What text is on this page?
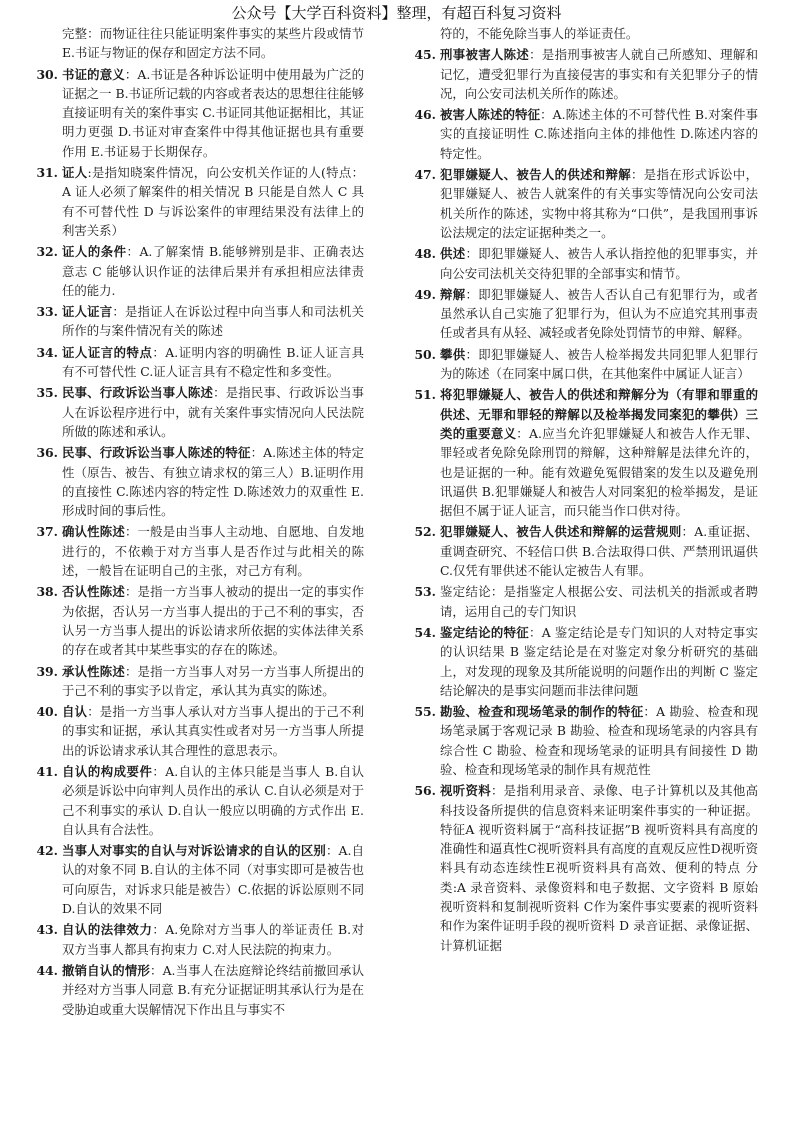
公众号【大学百科资料】整理，有超百科复习资料
完整：而物证往往只能证明案件事实的某些片段或情节 E.书证与物证的保存和固定方法不同。
30. 书证的意义：A.书证是各种诉讼证明中使用最为广泛的证据之一 B.书证所记载的内容或者表达的思想往往能够直接证明有关的案件事实 C.书证同其他证据相比，其证明力更强 D.书证对审查案件中得其他证据也具有重要作用 E.书证易于长期保存。
31. 证人:是指知晓案件情况，向公安机关作证的人(特点：A 证人必须了解案件的相关情况 B 只能是自然人 C 具有不可替代性 D 与诉讼案件的审理结果没有法律上的利害关系）
32. 证人的条件：A.了解案情 B.能够辨别是非、正确表达意志 C 能够认识作证的法律后果并有承担相应法律责任的能力.
33. 证人证言：是指证人在诉讼过程中向当事人和司法机关所作的与案件情况有关的陈述
34. 证人证言的特点：A.证明内容的明确性 B.证人证言具有不可替代性 C.证人证言具有不稳定性和多变性。
35. 民事、行政诉讼当事人陈述：是指民事、行政诉讼当事人在诉讼程序进行中，就有关案件事实情况向人民法院所做的陈述和承认。
36. 民事、行政诉讼当事人陈述的特征：A.陈述主体的特定性（原告、被告、有独立请求权的第三人）B.证明作用的直接性 C.陈述内容的特定性 D.陈述效力的双重性 E.形成时间的事后性。
37. 确认性陈述：一般是由当事人主动地、自愿地、自发地进行的，不依赖于对方当事人是否作过与此相关的陈述，一般旨在证明自己的主张，对己方有利。
38. 否认性陈述：是指一方当事人被动的提出一定的事实作为依据，否认另一方当事人提出的于己不利的事实，否认另一方当事人提出的诉讼请求所依据的实体法律关系的存在或者其中某些事实的存在的陈述。
39. 承认性陈述：是指一方当事人对另一方当事人所提出的于己不利的事实予以肯定，承认其为真实的陈述。
40. 自认：是指一方当事人承认对方当事人提出的于己不利的事实和证据，承认其真实性或者对另一方当事人所提出的诉讼请求承认其合理性的意思表示。
41. 自认的构成要件：A.自认的主体只能是当事人 B.自认必须是诉讼中向审判人员作出的承认 C.自认必须是对于己不利事实的承认 D.自认一般应以明确的方式作出 E.自认具有合法性。
42. 当事人对事实的自认与对诉讼请求的自认的区别：A.自认的对象不同 B.自认的主体不同（对事实即可是被告也可向原告，对诉求只能是被告）C.依据的诉讼原则不同 D.自认的效果不同
43. 自认的法律效力：A.免除对方当事人的举证责任 B.对双方当事人都具有拘束力 C.对人民法院的拘束力。
44. 撤销自认的情形：A.当事人在法庭辩论终结前撤回承认并经对方当事人同意 B.有充分证据证明其承认行为是在受胁迫或重大误解情况下作出且与事实不
符的，不能免除当事人的举证责任。
45. 刑事被害人陈述：是指刑事被害人就自己所感知、理解和记忆，遭受犯罪行为直接侵害的事实和有关犯罪分子的情况，向公安司法机关所作的陈述。
46. 被害人陈述的特征：A.陈述主体的不可替代性 B.对案件事实的直接证明性 C.陈述指向主体的排他性 D.陈述内容的特定性。
47. 犯罪嫌疑人、被告人的供述和辩解：是指在形式诉讼中，犯罪嫌疑人、被告人就案件的有关事实等情况向公安司法机关所作的陈述，实物中将其称为“口供”，是我国刑事诉讼法规定的法定证据种类之一。
48. 供述：即犯罪嫌疑人、被告人承认指控他的犯罪事实，并向公安司法机关交待犯罪的全部事实和情节。
49. 辩解：即犯罪嫌疑人、被告人否认自己有犯罪行为，或者虽然承认自己实施了犯罪行为，但认为不应追究其刑事责任或者具有从轻、减轻或者免除处罚情节的申辩、解释。
50. 攀供：即犯罪嫌疑人、被告人检举揭发共同犯罪人犯罪行为的陈述（在同案中属口供，在其他案件中属证人证言）
51. 将犯罪嫌疑人、被告人的供述和辩解分为（有罪和罪重的供述、无罪和罪轻的辩解以及检举揭发同案犯的攀供）三类的重要意义：A.应当允许犯罪嫌疑人和被告人作无罪、罪轻或者免除免除刑罚的辩解，这种辩解是法律允许的，也是证据的一种。能有效避免冤假错案的发生以及避免刑讯逼供 B.犯罪嫌疑人和被告人对同案犯的检举揭发，是证据但不属于证人证言，而只能当作口供对待。
52. 犯罪嫌疑人、被告人供述和辩解的运营规则：A.重证据、重调查研究、不轻信口供 B.合法取得口供、严禁刑讯逼供 C.仅凭有罪供述不能认定被告人有罪。
53. 鉴定结论：是指鉴定人根据公安、司法机关的指派或者聘请，运用自己的专门知识
54. 鉴定结论的特征：A 鉴定结论是专门知识的人对特定事实的认识结果 B 鉴定结论是在对鉴定对象分析研究的基础上，对发现的现象及其所能说明的问题作出的判断 C 鉴定结论解决的是事实问题而非法律问题
55. 勘验、检查和现场笔录的制作的特征：A 勘验、检查和现场笔录属于客观记录 B 勘验、检查和现场笔录的内容具有综合性 C 勘验、检查和现场笔录的证明具有间接性 D 勘验、检查和现场笔录的制作具有规范性
56. 视听资料：是指利用录音、录像、电子计算机以及其他高科技设备所提供的信息资料来证明案件事实的一种证据。特征A 视听资料属于“高科技证据”B 视听资料具有高度的准确性和逼真性C视听资料具有高度的直观反应性D视听资料具有动态连续性E视听资料具有高效、便利的特点 分类:A 录音资料、录像资料和电子数据、文字资料 B 原始视听资料和复制视听资料 C作为案件事实要素的视听资料和作为案件证明手段的视听资料 D 录音证据、录像证据、计算机证据
